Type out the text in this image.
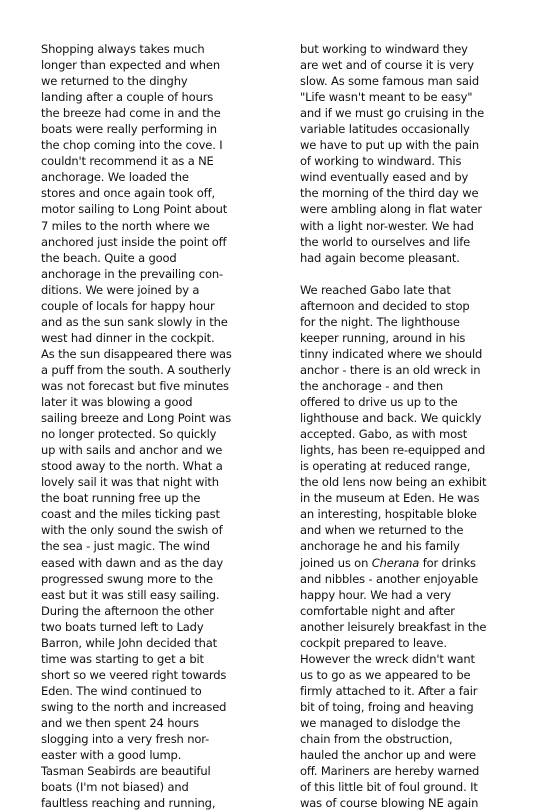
Shopping always takes much
longer than expected and when
we returned to the dinghy
landing after a couple of hours
the breeze had come in and the
boats were really performing in
the chop coming into the cove. I
couldn't recommend it as a NE
anchorage. We loaded the
stores and once again took off,
motor sailing to Long Point about
7 miles to the north where we
anchored just inside the point off
the beach. Quite a good
anchorage in the prevailing con-
ditions. We were joined by a
couple of locals for happy hour
and as the sun sank slowly in the
west had dinner in the cockpit.
As the sun disappeared there was
a puff from the south. A southerly
was not forecast but five minutes
later it was blowing a good
sailing breeze and Long Point was
no longer protected. So quickly
up with sails and anchor and we
stood away to the north. What a
lovely sail it was that night with
the boat running free up the
coast and the miles ticking past
with the only sound the swish of
the sea - just magic. The wind
eased with dawn and as the day
progressed swung more to the
east but it was still easy sailing.
During the afternoon the other
two boats turned left to Lady
Barron, while John decided that
time was starting to get a bit
short so we veered right towards
Eden. The wind continued to
swing to the north and increased
and we then spent 24 hours
slogging into a very fresh nor-
easter with a good lump.
Tasman Seabirds are beautiful
boats (I'm not biased) and
faultless reaching and running,
but working to windward they
are wet and of course it is very
slow. As some famous man said
"Life wasn't meant to be easy"
and if we must go cruising in the
variable latitudes occasionally
we have to put up with the pain
of working to windward. This
wind eventually eased and by
the morning of the third day we
were ambling along in flat water
with a light nor-wester. We had
the world to ourselves and life
had again become pleasant.
We reached Gabo late that
afternoon and decided to stop
for the night. The lighthouse
keeper running, around in his
tinny indicated where we should
anchor - there is an old wreck in
the anchorage - and then
offered to drive us up to the
lighthouse and back. We quickly
accepted. Gabo, as with most
lights, has been re-equipped and
is operating at reduced range,
the old lens now being an exhibit
in the museum at Eden. He was
an interesting, hospitable bloke
and when we returned to the
anchorage he and his family
joined us on Cherana for drinks
and nibbles - another enjoyable
happy hour. We had a very
comfortable night and after
another leisurely breakfast in the
cockpit prepared to leave.
However the wreck didn't want
us to go as we appeared to be
firmly attached to it. After a fair
bit of toing, froing and heaving
we managed to dislodge the
chain from the obstruction,
hauled the anchor up and were
off. Mariners are hereby warned
of this little bit of foul ground. It
was of course blowing NE again
